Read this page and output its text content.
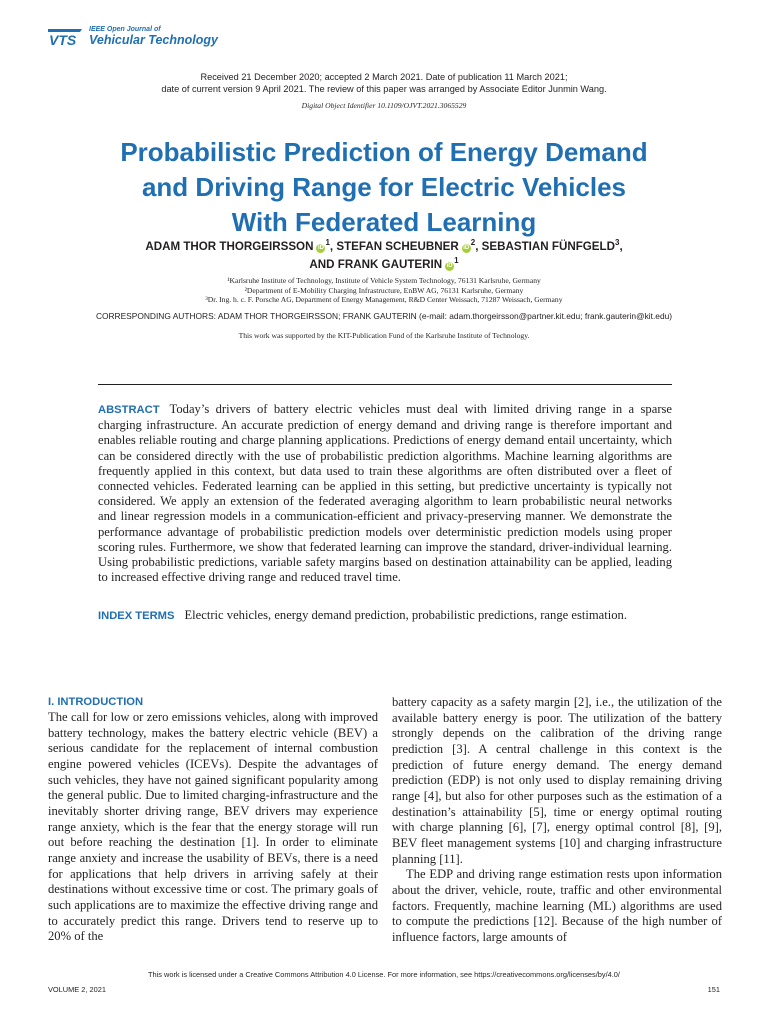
VTS
IEEE Open Journal of
Vehicular Technology
Received 21 December 2020; accepted 2 March 2021. Date of publication 11 March 2021;
date of current version 9 April 2021. The review of this paper was arranged by Associate Editor Junmin Wang.
Digital Object Identifier 10.1109/OJVT.2021.3065529
Probabilistic Prediction of Energy Demand
and Driving Range for Electric Vehicles
With Federated Learning
ADAM THOR THORGEIRSSON $iD^1$, STEFAN SCHEUBNER $iD^2$, SEBASTIAN FÜNFGELD$^3$,
AND FRANK GAUTERIN $iD^1$
¹Karlsruhe Institute of Technology, Institute of Vehicle System Technology, 76131 Karlsruhe, Germany
²Department of E-Mobility Charging Infrastructure, EnBW AG, 76131 Karlsruhe, Germany
³Dr. Ing. h. c. F. Porsche AG, Department of Energy Management, R&D Center Weissach, 71287 Weissach, Germany
CORRESPONDING AUTHORS: ADAM THOR THORGEIRSSON; FRANK GAUTERIN (e-mail: adam.thorgeirsson@partner.kit.edu; frank.gauterin@kit.edu)
This work was supported by the KIT-Publication Fund of the Karlsruhe Institute of Technology.

ABSTRACT Today’s drivers of battery electric vehicles must deal with limited driving range in a sparse charging infrastructure. An accurate prediction of energy demand and driving range is therefore important and enables reliable routing and charge planning applications. Predictions of energy demand entail uncertainty, which can be considered directly with the use of probabilistic prediction algorithms. Machine learning algorithms are frequently applied in this context, but data used to train these algorithms are often distributed over a fleet of connected vehicles. Federated learning can be applied in this setting, but predictive uncertainty is typically not considered. We apply an extension of the federated averaging algorithm to learn probabilistic neural networks and linear regression models in a communication-efficient and privacy-preserving manner. We demonstrate the performance advantage of probabilistic prediction models over deterministic prediction models using proper scoring rules. Furthermore, we show that federated learning can improve the standard, driver-individual learning. Using probabilistic predictions, variable safety margins based on destination attainability can be applied, leading to increased effective driving range and reduced travel time.

INDEX TERMS Electric vehicles, energy demand prediction, probabilistic predictions, range estimation.

I. INTRODUCTION

The call for low or zero emissions vehicles, along with improved battery technology, makes the battery electric vehicle (BEV) a serious candidate for the replacement of internal combustion engine powered vehicles (ICEVs). Despite the advantages of such vehicles, they have not gained significant popularity among the general public. Due to limited charging-infrastructure and the inevitably shorter driving range, BEV drivers may experience range anxiety, which is the fear that the energy storage will run out before reaching the destination [1]. In order to eliminate range anxiety and increase the usability of BEVs, there is a need for applications that help drivers in arriving safely at their destinations without excessive time or cost. The primary goals of such applications are to maximize the effective driving range and to accurately predict this range. Drivers tend to reserve up to 20% of the

battery capacity as a safety margin [2], i.e., the utilization of the available battery energy is poor. The utilization of the battery strongly depends on the calibration of the driving range prediction [3]. A central challenge in this context is the prediction of future energy demand. The energy demand prediction (EDP) is not only used to display remaining driving range [4], but also for other purposes such as the estimation of a destination’s attainability [5], time or energy optimal routing with charge planning [6], [7], energy optimal control [8], [9], BEV fleet management systems [10] and charging infrastructure planning [11].

The EDP and driving range estimation rests upon information about the driver, vehicle, route, traffic and other environmental factors. Frequently, machine learning (ML) algorithms are used to compute the predictions [12]. Because of the high number of influence factors, large amounts of

This work is licensed under a Creative Commons Attribution 4.0 License. For more information, see https://creativecommons.org/licenses/by/4.0/
VOLUME 2, 2021	151
